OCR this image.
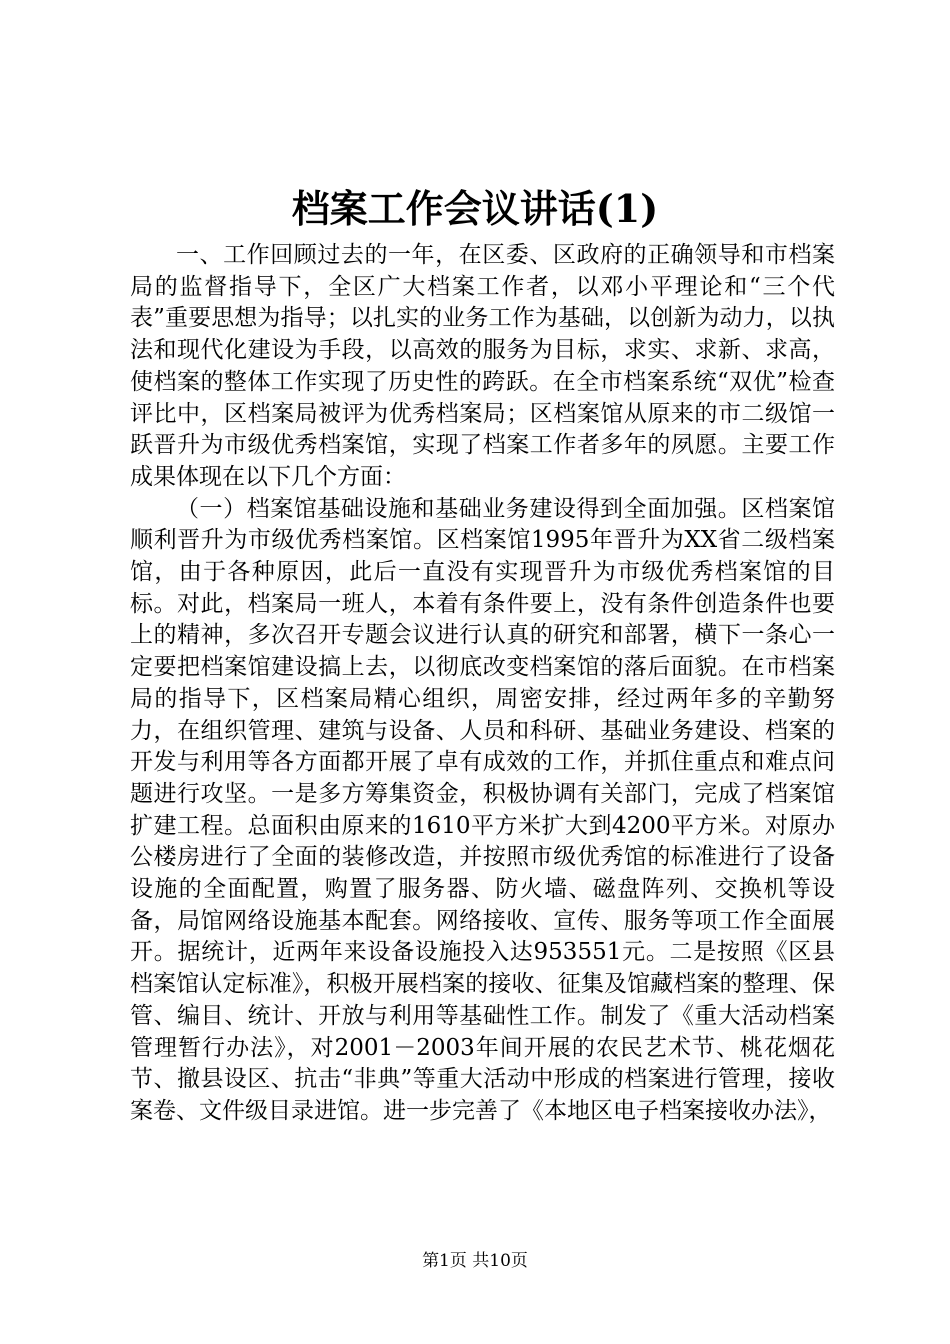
档案工作会议讲话(1)

一、工作回顾过去的一年，在区委、区政府的正确领导和市档案局的监督指导下，全区广大档案工作者，以邓小平理论和“三个代表”重要思想为指导；以扎实的业务工作为基础，以创新为动力，以执法和现代化建设为手段，以高效的服务为目标，求实、求新、求高，使档案的整体工作实现了历史性的跨跃。在全市档案系统“双优”检查评比中，区档案局被评为优秀档案局；区档案馆从原来的市二级馆一跃晋升为市级优秀档案馆，实现了档案工作者多年的夙愿。主要工作成果体现在以下几个方面：

（一）档案馆基础设施和基础业务建设得到全面加强。区档案馆顺利晋升为市级优秀档案馆。区档案馆1995年晋升为XX省二级档案馆，由于各种原因，此后一直没有实现晋升为市级优秀档案馆的目标。对此，档案局一班人，本着有条件要上，没有条件创造条件也要上的精神，多次召开专题会议进行认真的研究和部署，横下一条心一定要把档案馆建设搞上去，以彻底改变档案馆的落后面貌。在市档案局的指导下，区档案局精心组织，周密安排，经过两年多的辛勤努力，在组织管理、建筑与设备、人员和科研、基础业务建设、档案的开发与利用等各方面都开展了卓有成效的工作，并抓住重点和难点问题进行攻坚。一是多方筹集资金，积极协调有关部门，完成了档案馆扩建工程。总面积由原来的1610平方米扩大到4200平方米。对原办公楼房进行了全面的装修改造，并按照市级优秀馆的标准进行了设备设施的全面配置，购置了服务器、防火墙、磁盘阵列、交换机等设备，局馆网络设施基本配套。网络接收、宣传、服务等项工作全面展开。据统计，近两年来设备设施投入达953551元。二是按照《区县档案馆认定标准》，积极开展档案的接收、征集及馆藏档案的整理、保管、编目、统计、开放与利用等基础性工作。制发了《重大活动档案管理暂行办法》，对2001－2003年间开展的农民艺术节、桃花烟花节、撤县设区、抗击“非典”等重大活动中形成的档案进行管理，接收案卷、文件级目录进馆。进一步完善了《本地区电子档案接收办法》，

第1页 共10页
